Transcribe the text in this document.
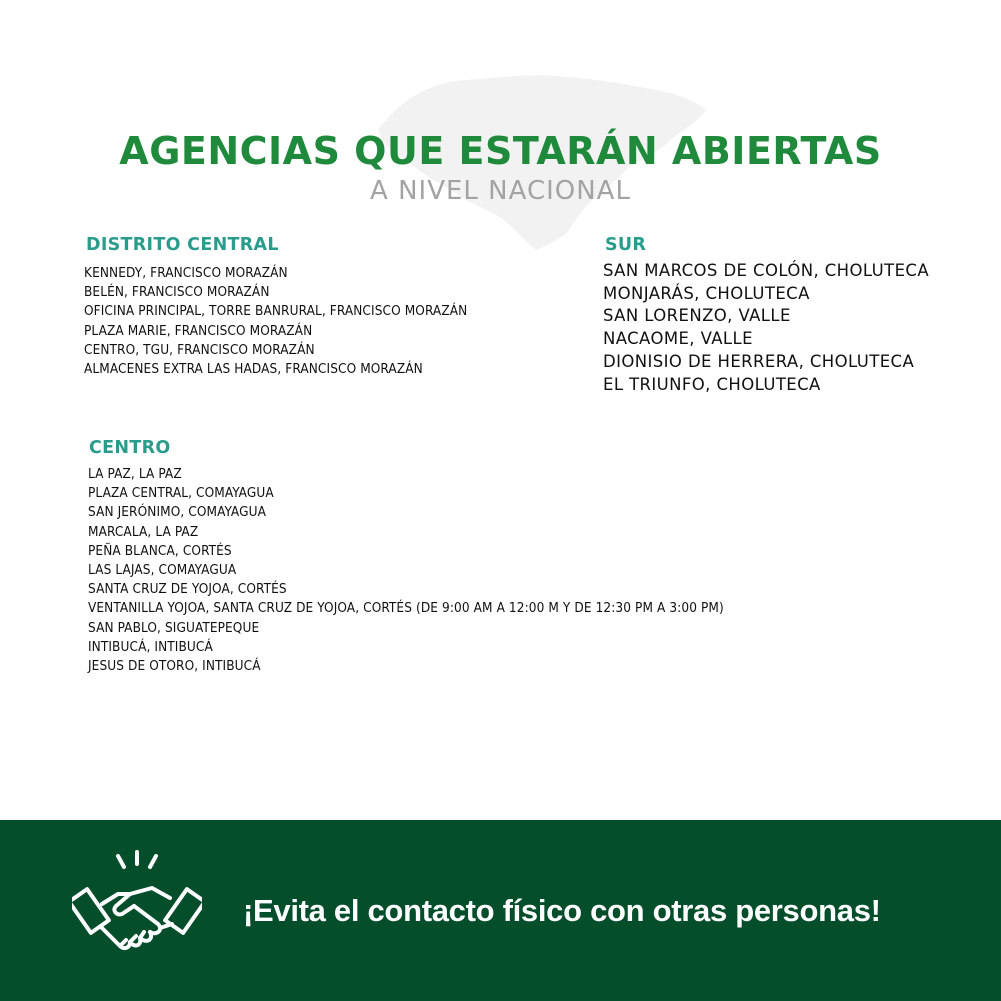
AGENCIAS QUE ESTARÁN ABIERTAS
A NIVEL NACIONAL
DISTRITO CENTRAL
KENNEDY, FRANCISCO MORAZÁN
BELÉN, FRANCISCO MORAZÁN
OFICINA PRINCIPAL, TORRE BANRURAL, FRANCISCO MORAZÁN
PLAZA MARIE, FRANCISCO MORAZÁN
CENTRO, TGU, FRANCISCO MORAZÁN
ALMACENES EXTRA LAS HADAS, FRANCISCO MORAZÁN
SUR
SAN MARCOS DE COLÓN, CHOLUTECA
MONJARÁS, CHOLUTECA
SAN LORENZO, VALLE
NACAOME, VALLE
DIONISIO DE HERRERA, CHOLUTECA
EL TRIUNFO, CHOLUTECA
CENTRO
LA PAZ, LA PAZ
PLAZA CENTRAL, COMAYAGUA
SAN JERÓNIMO, COMAYAGUA
MARCALA, LA PAZ
PEÑA BLANCA, CORTÉS
LAS LAJAS, COMAYAGUA
SANTA CRUZ DE YOJOA, CORTÉS
VENTANILLA YOJOA, SANTA CRUZ DE YOJOA, CORTÉS (DE 9:00 AM A 12:00 M Y DE 12:30 PM A 3:00 PM)
SAN PABLO, SIGUATEPEQUE
INTIBUCÁ, INTIBUCÁ
JESUS DE OTORO, INTIBUCÁ
¡Evita el contacto físico con otras personas!
